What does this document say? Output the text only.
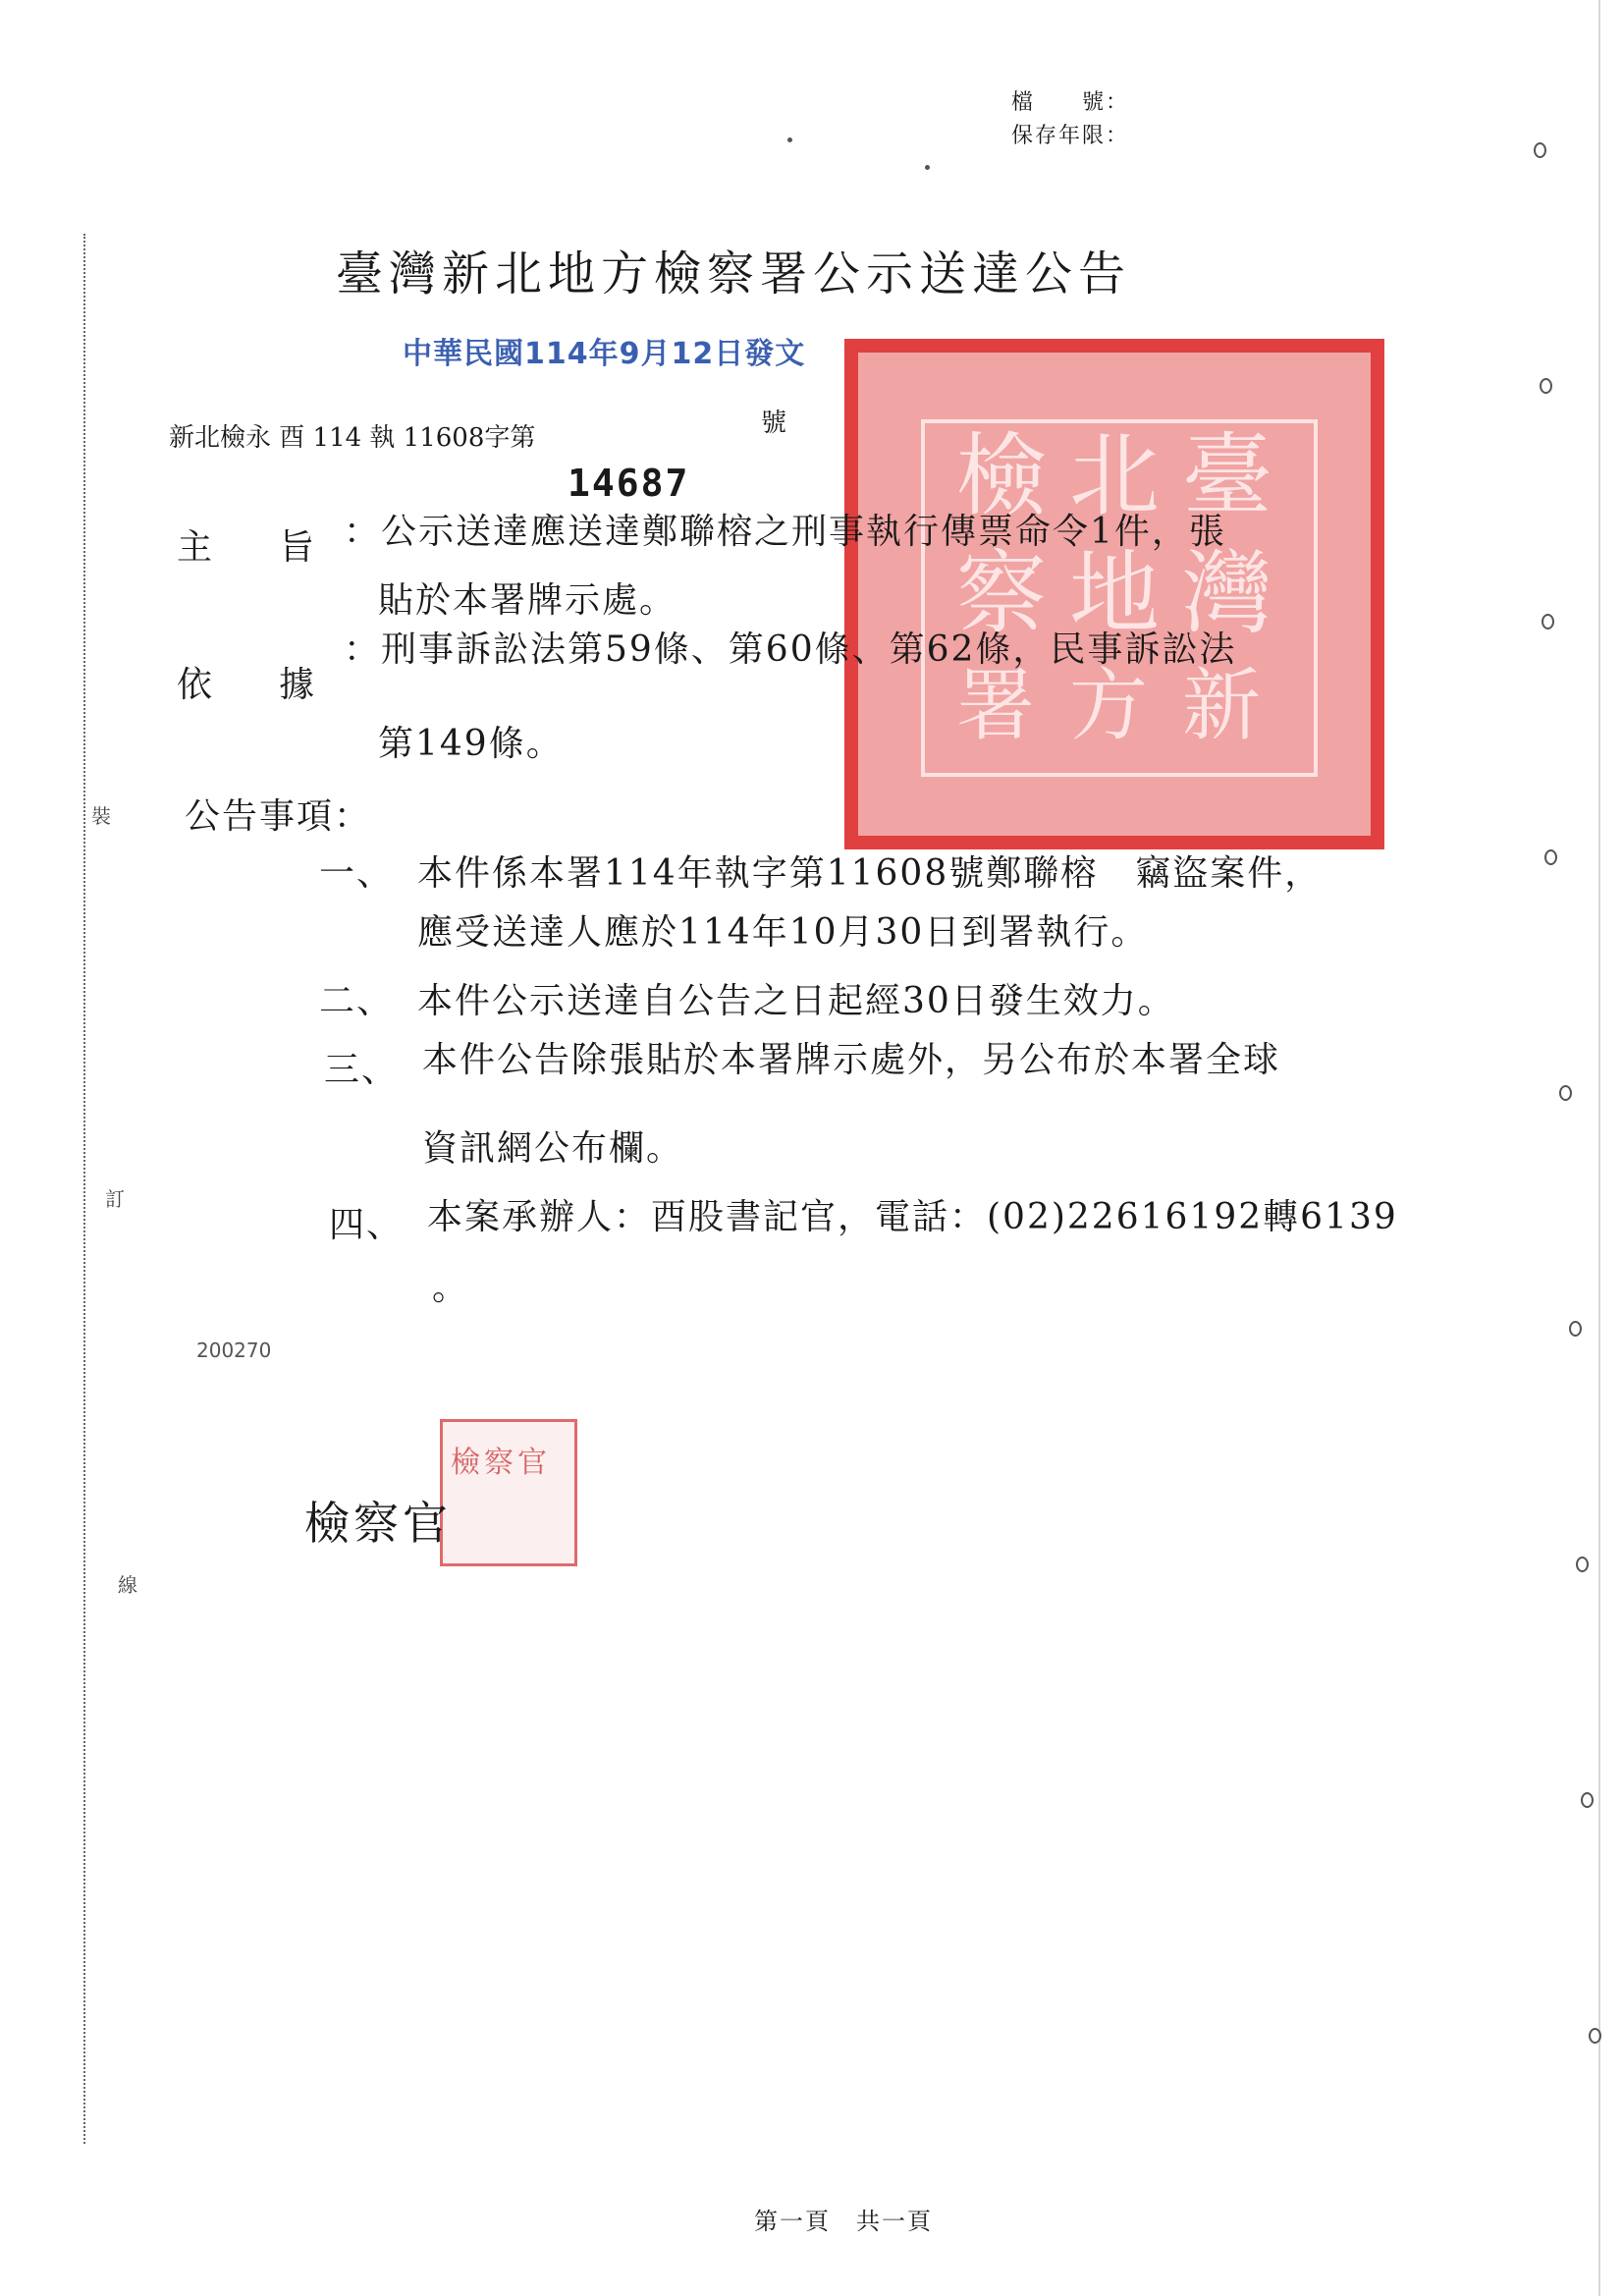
裝
訂
線
檔　　號：
保存年限：
臺灣新北地方檢察署公示送達公告
臺
灣
新
北
地
方
檢
察
署
中華民國114年9月12日發文
新北檢永 酉 114 執 11608字第	號
14687
主旨
：公示送達應送達鄭聯榕之刑事執行傳票命令1件，張
貼於本署牌示處。
依據
：刑事訴訟法第59條、第60條、第62條，民事訴訟法
第149條。
公告事項：
一、 本件係本署114年執字第11608號鄭聯榕　竊盜案件，
應受送達人應於114年10月30日到署執行。
二、 本件公示送達自公告之日起經30日發生效力。
三、 本件公告除張貼於本署牌示處外，另公布於本署全球
資訊網公布欄。
四、 本案承辦人：酉股書記官，電話：(02)22616192轉6139
。
200270
檢察官
檢察官
第一頁　共一頁
